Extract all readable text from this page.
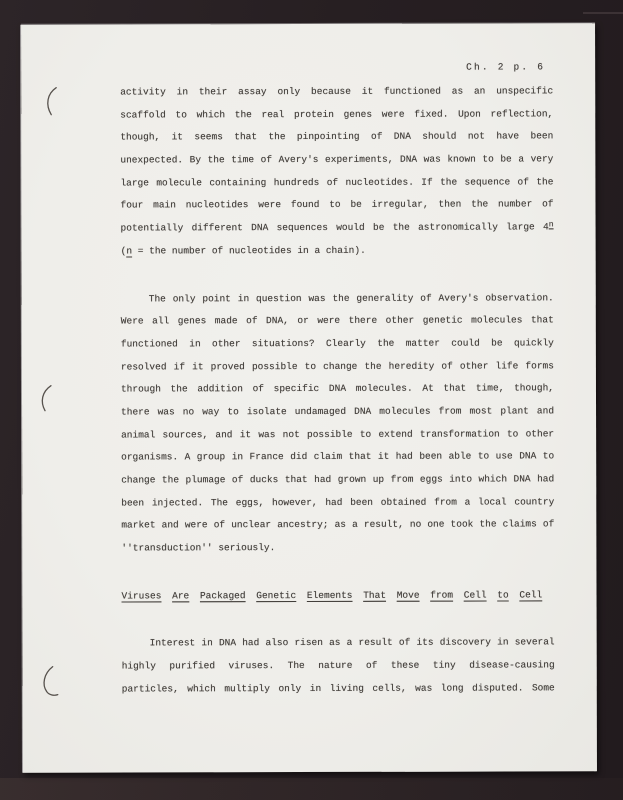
Ch. 2 p. 6
activity in their assay only because it functioned as an unspecific
scaffold to which the real protein genes were fixed. Upon reflection,
though, it seems that the pinpointing of DNA should not have been
unexpected. By the time of Avery's experiments, DNA was known to be a very
large molecule containing hundreds of nucleotides. If the sequence of the
four main nucleotides were found to be irregular, then the number of
potentially different DNA sequences would be the astronomically large 4$^n$
(n = the number of nucleotides in a chain).
The only point in question was the generality of Avery's observation.
Were all genes made of DNA, or were there other genetic molecules that
functioned in other situations? Clearly the matter could be quickly
resolved if it proved possible to change the heredity of other life forms
through the addition of specific DNA molecules. At that time, though,
there was no way to isolate undamaged DNA molecules from most plant and
animal sources, and it was not possible to extend transformation to other
organisms. A group in France did claim that it had been able to use DNA to
change the plumage of ducks that had grown up from eggs into which DNA had
been injected. The eggs, however, had been obtained from a local country
market and were of unclear ancestry; as a result, no one took the claims of
''transduction'' seriously.
Viruses Are Packaged Genetic Elements That Move from Cell to Cell
Interest in DNA had also risen as a result of its discovery in several
highly purified viruses. The nature of these tiny disease-causing
particles, which multiply only in living cells, was long disputed. Some
